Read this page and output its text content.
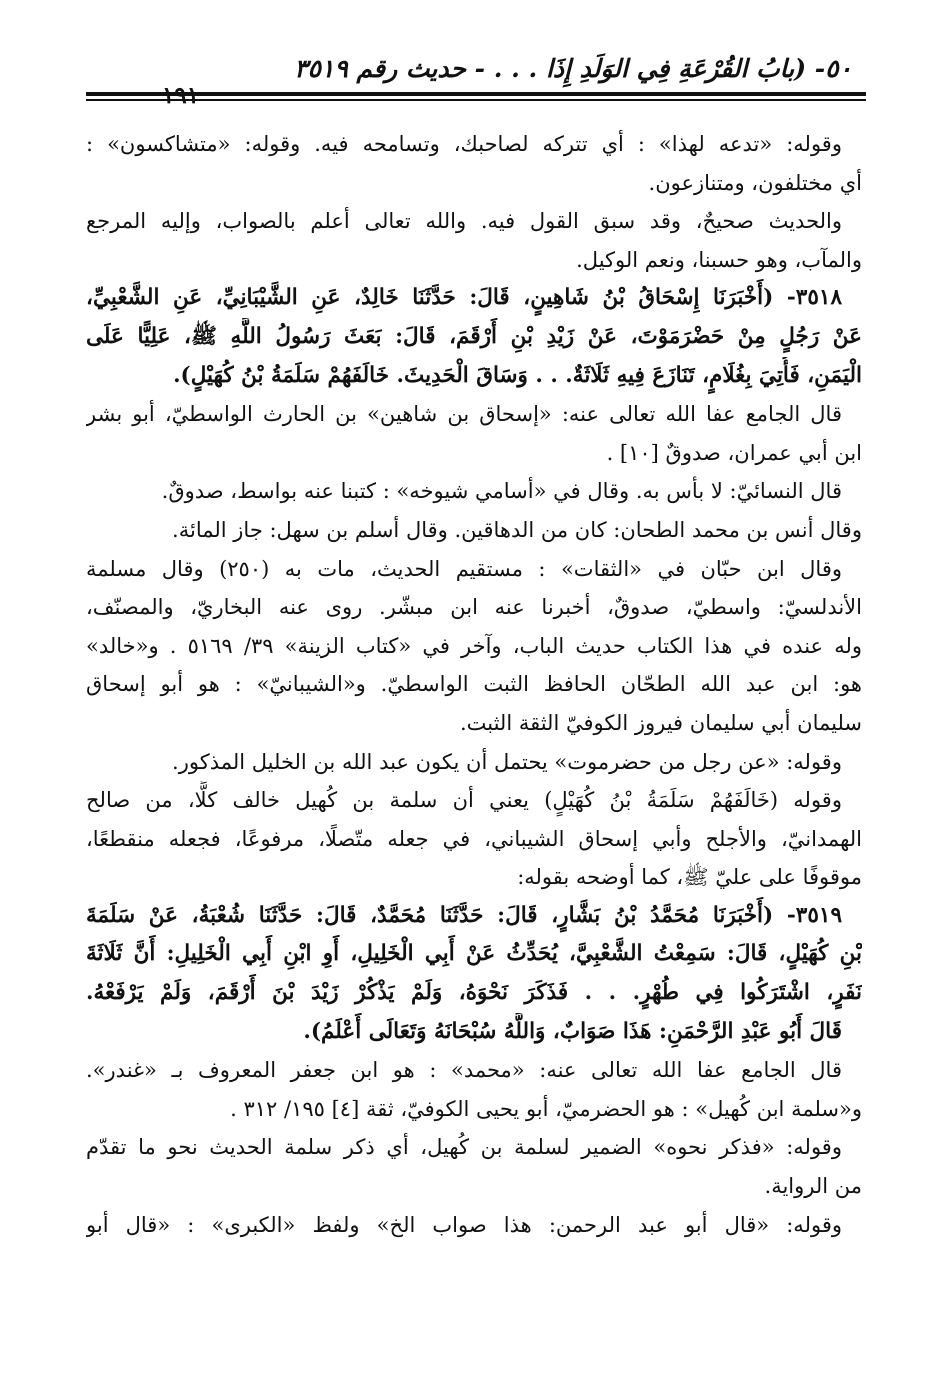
٥٠- (بابُ القُرْعَةِ فِي الوَلَدِ إِذَا . . . - حديث رقم ٣٥١٩
١٩١
وقوله: «تدعه لهذا» : أي تتركه لصاحبك، وتسامحه فيه. وقوله: «متشاكسون» :
أي مختلفون، ومتنازعون.
والحديث صحيحٌ، وقد سبق القول فيه. والله تعالى أعلم بالصواب، وإليه المرجع
والمآب، وهو حسبنا، ونعم الوكيل.
٣٥١٨- (أَخْبَرَنَا إِسْحَاقُ بْنُ شَاهِينٍ، قَالَ: حَدَّثَنَا خَالِدٌ، عَنِ الشَّيْبَانِيِّ، عَنِ الشَّعْبِيِّ،
عَنْ رَجُلٍ مِنْ حَضْرَمَوْتَ، عَنْ زَيْدِ بْنِ أَرْقَمَ، قَالَ: بَعَثَ رَسُولُ اللَّهِ ﷺ، عَلِيًّا عَلَى
الْيَمَنِ، فَأُتِيَ بِغُلَامٍ، تَنَازَعَ فِيهِ ثَلَاثَةٌ. . . وَسَاقَ الْحَدِيثَ. خَالَفَهُمْ سَلَمَةُ بْنُ كُهَيْلٍ).
قال الجامع عفا الله تعالى عنه: «إسحاق بن شاهين» بن الحارث الواسطيّ، أبو بشر
ابن أبي عمران، صدوقٌ [١٠] .
قال النسائيّ: لا بأس به. وقال في «أسامي شيوخه» : كتبنا عنه بواسط، صدوقٌ.
وقال أنس بن محمد الطحان: كان من الدهاقين. وقال أسلم بن سهل: جاز المائة.
وقال ابن حبّان في «الثقات» : مستقيم الحديث، مات به (٢٥٠) وقال مسلمة
الأندلسيّ: واسطيّ، صدوقٌ، أخبرنا عنه ابن مبشّر. روى عنه البخاريّ، والمصنّف،
وله عنده في هذا الكتاب حديث الباب، وآخر في «كتاب الزينة» ٣٩/ ٥١٦٩ . و«خالد»
هو: ابن عبد الله الطحّان الحافظ الثبت الواسطيّ. و«الشيبانيّ» : هو أبو إسحاق
سليمان أبي سليمان فيروز الكوفيّ الثقة الثبت.
وقوله: «عن رجل من حضرموت» يحتمل أن يكون عبد الله بن الخليل المذكور.
وقوله (خَالَفَهُمْ سَلَمَةُ بْنُ كُهَيْلٍ) يعني أن سلمة بن كُهيل خالف كلًّا، من صالح
الهمدانيّ، والأجلح وأبي إسحاق الشيباني، في جعله متّصلًا، مرفوعًا، فجعله منقطعًا،
موقوفًا على عليّ ﷺ، كما أوضحه بقوله:
٣٥١٩- (أَخْبَرَنَا مُحَمَّدُ بْنُ بَشَّارٍ، قَالَ: حَدَّثَنَا مُحَمَّدٌ، قَالَ: حَدَّثَنَا شُعْبَةُ، عَنْ سَلَمَةَ
بْنِ كُهَيْلٍ، قَالَ: سَمِعْتُ الشَّعْبِيَّ، يُحَدِّثُ عَنْ أَبِي الْخَلِيلِ، أَوِ ابْنِ أَبِي الْخَلِيلِ: أَنَّ ثَلَاثَةَ
نَفَرٍ، اشْتَرَكُوا فِي طُهْرٍ. . . فَذَكَرَ نَحْوَهُ، وَلَمْ يَذْكُرْ زَيْدَ بْنَ أَرْقَمَ، وَلَمْ يَرْفَعْهُ.
قَالَ أَبُو عَبْدِ الرَّحْمَنِ: هَذَا صَوَابٌ، وَاللَّهُ سُبْحَانَهُ وَتَعَالَى أَعْلَمُ).
قال الجامع عفا الله تعالى عنه: «محمد» : هو ابن جعفر المعروف بـ «غندر».
و«سلمة ابن كُهيل» : هو الحضرميّ، أبو يحيى الكوفيّ، ثقة [٤] ١٩٥/ ٣١٢ .
وقوله: «فذكر نحوه» الضمير لسلمة بن كُهيل، أي ذكر سلمة الحديث نحو ما تقدّم
من الرواية.
وقوله: «قال أبو عبد الرحمن: هذا صواب الخ» ولفظ «الكبرى» : «قال أبو
